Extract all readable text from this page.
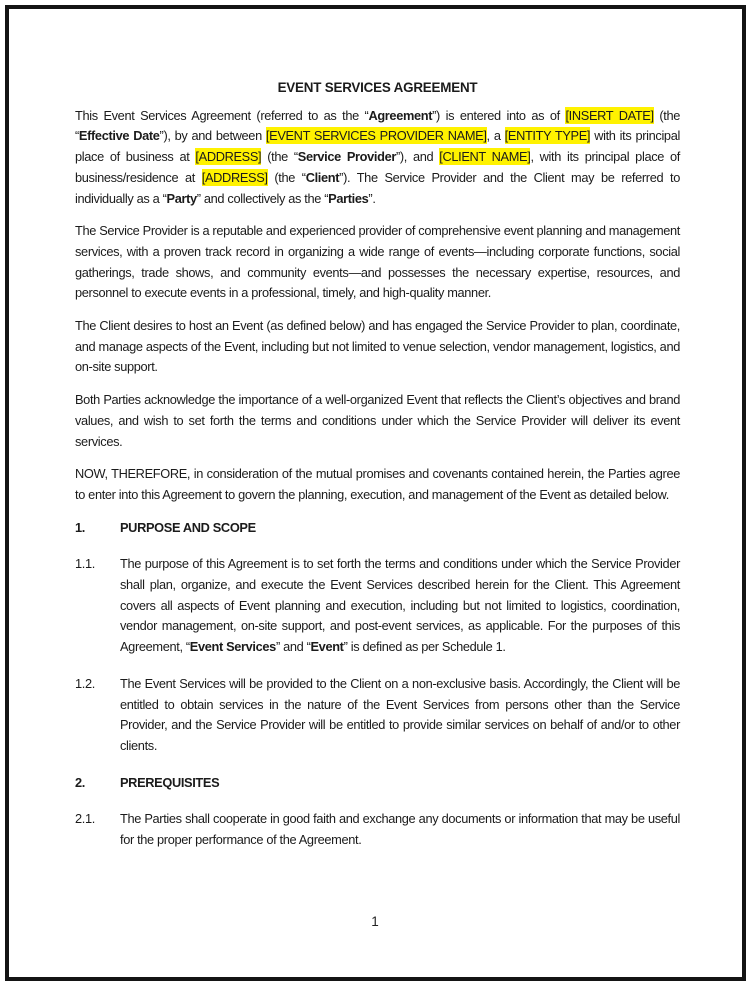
EVENT SERVICES AGREEMENT

This Event Services Agreement (referred to as the “Agreement”) is entered into as of [INSERT DATE] (the “Effective Date”), by and between [EVENT SERVICES PROVIDER NAME], a [ENTITY TYPE] with its principal place of business at [ADDRESS] (the “Service Provider”), and [CLIENT NAME], with its principal place of business/residence at [ADDRESS] (the “Client”). The Service Provider and the Client may be referred to individually as a “Party” and collectively as the “Parties”.

The Service Provider is a reputable and experienced provider of comprehensive event planning and management services, with a proven track record in organizing a wide range of events—including corporate functions, social gatherings, trade shows, and community events—and possesses the necessary expertise, resources, and personnel to execute events in a professional, timely, and high-quality manner.

The Client desires to host an Event (as defined below) and has engaged the Service Provider to plan, coordinate, and manage aspects of the Event, including but not limited to venue selection, vendor management, logistics, and on-site support.

Both Parties acknowledge the importance of a well-organized Event that reflects the Client’s objectives and brand values, and wish to set forth the terms and conditions under which the Service Provider will deliver its event services.

NOW, THEREFORE, in consideration of the mutual promises and covenants contained herein, the Parties agree to enter into this Agreement to govern the planning, execution, and management of the Event as detailed below.

1.	PURPOSE AND SCOPE
1.1.	The purpose of this Agreement is to set forth the terms and conditions under which the Service Provider shall plan, organize, and execute the Event Services described herein for the Client. This Agreement covers all aspects of Event planning and execution, including but not limited to logistics, coordination, vendor management, on-site support, and post-event services, as applicable. For the purposes of this Agreement, “Event Services” and “Event” is defined as per Schedule 1.
1.2.	The Event Services will be provided to the Client on a non-exclusive basis. Accordingly, the Client will be entitled to obtain services in the nature of the Event Services from persons other than the Service Provider, and the Service Provider will be entitled to provide similar services on behalf of and/or to other clients.
2.	PREREQUISITES
2.1.	The Parties shall cooperate in good faith and exchange any documents or information that may be useful for the proper performance of the Agreement.
1
